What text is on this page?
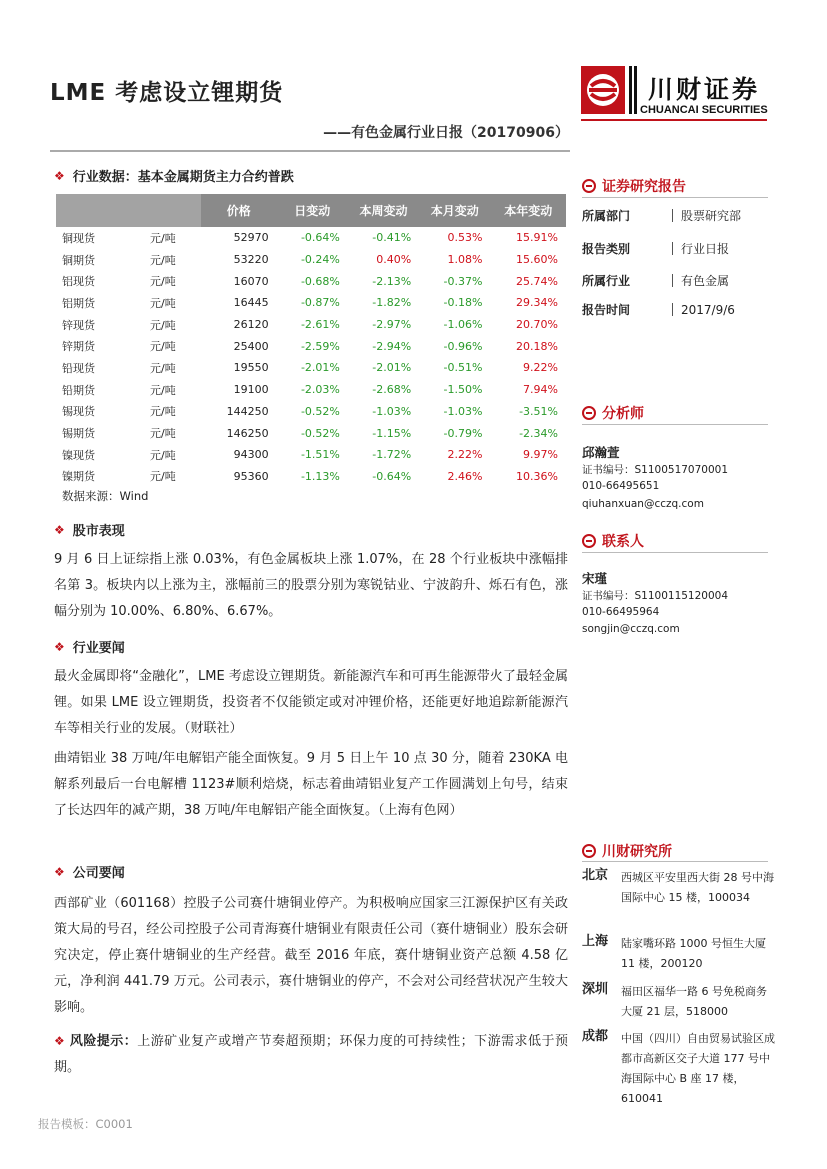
LME 考虑设立锂期货
——有色金属行业日报（20170906）
川财证券
CHUANCAI SECURITIES
❖ 行业数据：基本金属期货主力合约普跌
		价格	日变动	本周变动	本月变动	本年变动
铜现货	元/吨	52970	-0.64%	-0.41%	0.53%	15.91%
铜期货	元/吨	53220	-0.24%	0.40%	1.08%	15.60%
铝现货	元/吨	16070	-0.68%	-2.13%	-0.37%	25.74%
铝期货	元/吨	16445	-0.87%	-1.82%	-0.18%	29.34%
锌现货	元/吨	26120	-2.61%	-2.97%	-1.06%	20.70%
锌期货	元/吨	25400	-2.59%	-2.94%	-0.96%	20.18%
铅现货	元/吨	19550	-2.01%	-2.01%	-0.51%	9.22%
铅期货	元/吨	19100	-2.03%	-2.68%	-1.50%	7.94%
锡现货	元/吨	144250	-0.52%	-1.03%	-1.03%	-3.51%
锡期货	元/吨	146250	-0.52%	-1.15%	-0.79%	-2.34%
镍现货	元/吨	94300	-1.51%	-1.72%	2.22%	9.97%
镍期货	元/吨	95360	-1.13%	-0.64%	2.46%	10.36%
数据来源：Wind
❖ 股市表现
9 月 6 日上证综指上涨 0.03%，有色金属板块上涨 1.07%，在 28 个行业板块中涨幅排名第 3。板块内以上涨为主，涨幅前三的股票分别为寒锐钴业、宁波韵升、烁石有色，涨幅分别为 10.00%、6.80%、6.67%。
❖ 行业要闻
最火金属即将“金融化”，LME 考虑设立锂期货。新能源汽车和可再生能源带火了最轻金属锂。如果 LME 设立锂期货，投资者不仅能锁定或对冲锂价格，还能更好地追踪新能源汽车等相关行业的发展。（财联社）
曲靖铝业 38 万吨/年电解铝产能全面恢复。9 月 5 日上午 10 点 30 分，随着 230KA 电解系列最后一台电解槽 1123#顺利焙烧，标志着曲靖铝业复产工作圆满划上句号，结束了长达四年的减产期，38 万吨/年电解铝产能全面恢复。（上海有色网）
❖ 公司要闻
西部矿业（601168）控股子公司赛什塘铜业停产。为积极响应国家三江源保护区有关政策大局的号召，经公司控股子公司青海赛什塘铜业有限责任公司（赛什塘铜业）股东会研究决定，停止赛什塘铜业的生产经营。截至 2016 年底，赛什塘铜业资产总额 4.58 亿元，净利润 441.79 万元。公司表示，赛什塘铜业的停产，不会对公司经营状况产生较大影响。
❖ 风险提示：上游矿业复产或增产节奏超预期；环保力度的可持续性；下游需求低于预期。
证券研究报告
所属部门	股票研究部
报告类别	行业日报
所属行业	有色金属
报告时间	2017/9/6
分析师
邱瀚萱
证书编号：S1100517070001
010-66495651
qiuhanxuan@cczq.com
联系人
宋瑾
证书编号：S1100115120004
010-66495964
songjin@cczq.com
川财研究所
北京 西城区平安里西大街 28 号中海国际中心 15 楼，100034
上海 陆家嘴环路 1000 号恒生大厦 11 楼，200120
深圳 福田区福华一路 6 号免税商务大厦 21 层，518000
成都 中国（四川）自由贸易试验区成都市高新区交子大道 177 号中海国际中心 B 座 17 楼，610041
报告模板：C0001
